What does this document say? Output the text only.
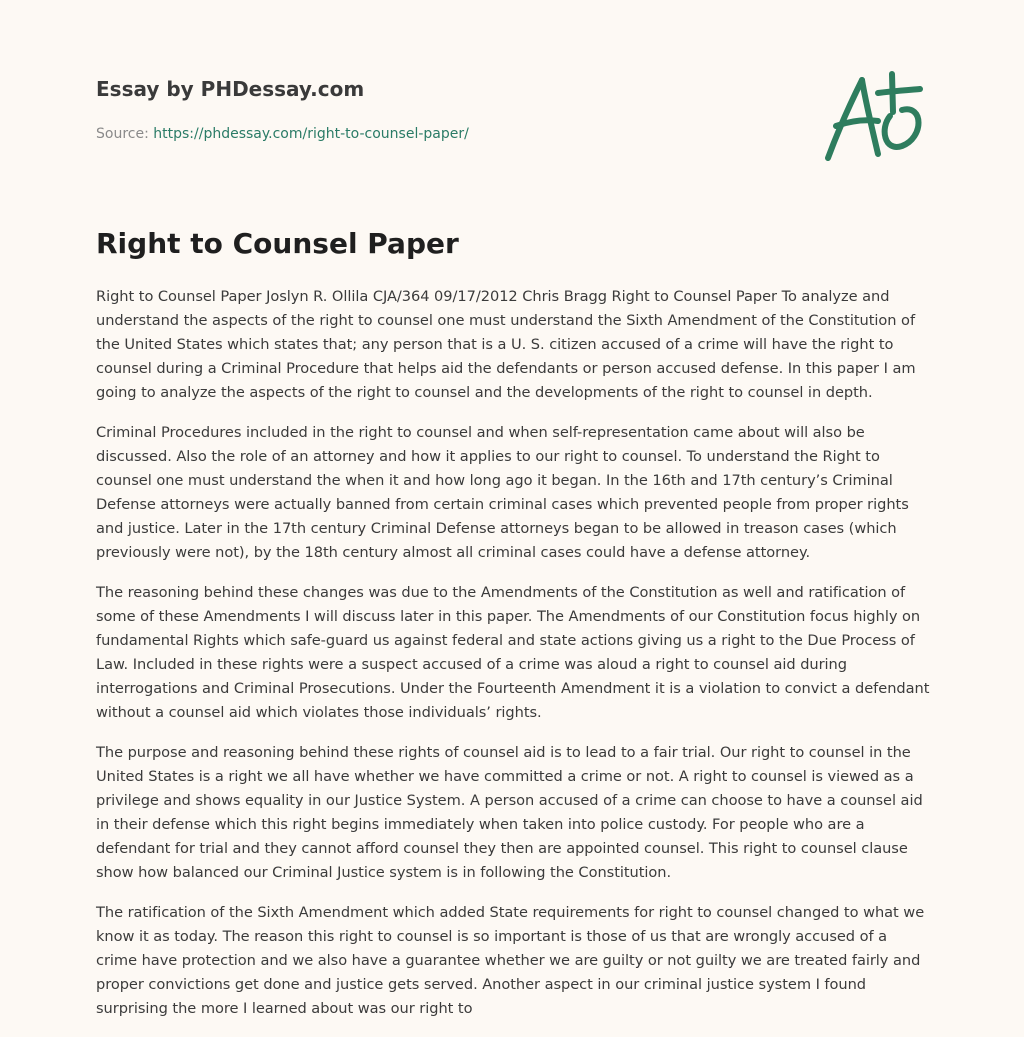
Essay by PHDessay.com
Source: https://phdessay.com/right-to-counsel-paper/
Right to Counsel Paper

Right to Counsel Paper Joslyn R. Ollila CJA/364 09/17/2012 Chris Bragg Right to Counsel Paper To analyze and understand the aspects of the right to counsel one must understand the Sixth Amendment of the Constitution of the United States which states that; any person that is a U. S. citizen accused of a crime will have the right to counsel during a Criminal Procedure that helps aid the defendants or person accused defense. In this paper I am going to analyze the aspects of the right to counsel and the developments of the right to counsel in depth.

Criminal Procedures included in the right to counsel and when self-representation came about will also be discussed. Also the role of an attorney and how it applies to our right to counsel. To understand the Right to counsel one must understand the when it and how long ago it began. In the 16th and 17th century’s Criminal Defense attorneys were actually banned from certain criminal cases which prevented people from proper rights and justice. Later in the 17th century Criminal Defense attorneys began to be allowed in treason cases (which previously were not), by the 18th century almost all criminal cases could have a defense attorney.

The reasoning behind these changes was due to the Amendments of the Constitution as well and ratification of some of these Amendments I will discuss later in this paper. The Amendments of our Constitution focus highly on fundamental Rights which safe-guard us against federal and state actions giving us a right to the Due Process of Law. Included in these rights were a suspect accused of a crime was aloud a right to counsel aid during interrogations and Criminal Prosecutions. Under the Fourteenth Amendment it is a violation to convict a defendant without a counsel aid which violates those individuals’ rights.

The purpose and reasoning behind these rights of counsel aid is to lead to a fair trial. Our right to counsel in the United States is a right we all have whether we have committed a crime or not. A right to counsel is viewed as a privilege and shows equality in our Justice System. A person accused of a crime can choose to have a counsel aid in their defense which this right begins immediately when taken into police custody. For people who are a defendant for trial and they cannot afford counsel they then are appointed counsel. This right to counsel clause show how balanced our Criminal Justice system is in following the Constitution.

The ratification of the Sixth Amendment which added State requirements for right to counsel changed to what we know it as today. The reason this right to counsel is so important is those of us that are wrongly accused of a crime have protection and we also have a guarantee whether we are guilty or not guilty we are treated fairly and proper convictions get done and justice gets served. Another aspect in our criminal justice system I found surprising the more I learned about was our right to
